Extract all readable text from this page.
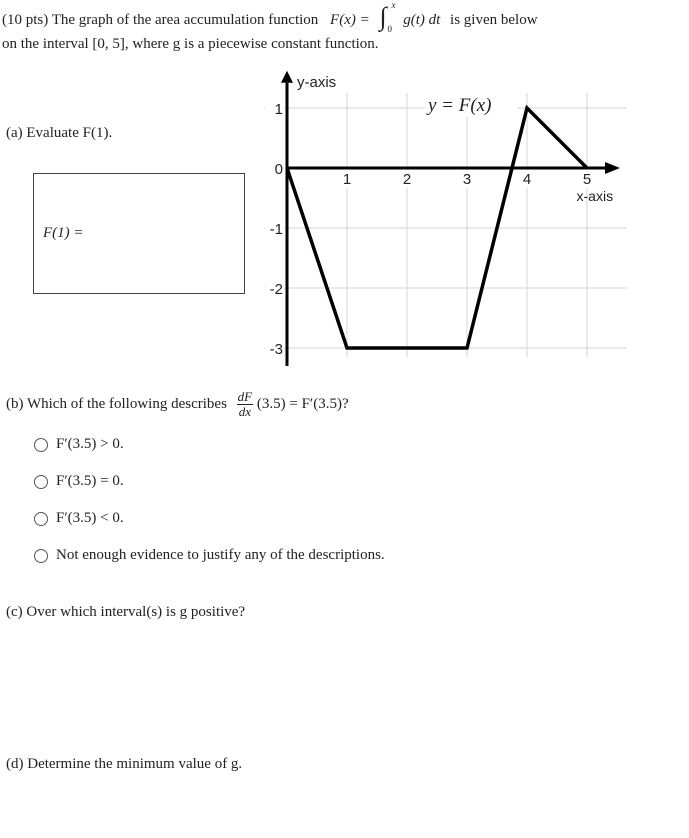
(10 pts) The graph of the area accumulation function F(x) = ∫ x
0
g(t) dt is given below
on the interval [0, 5], where g is a piecewise constant function.
(a) Evaluate F(1).
F(1) =
1	2	3	4	5
1
0
-1
-2
-3
y-axis
x-axis
y = F(x)
(b) Which of the following describes $\frac{dF}{dx} (3.5) = F'(3.5)$?
F′(3.5) > 0.
F′(3.5) = 0.
F′(3.5) < 0.
Not enough evidence to justify any of the descriptions.
(c) Over which interval(s) is g positive?
(d) Determine the minimum value of g.
